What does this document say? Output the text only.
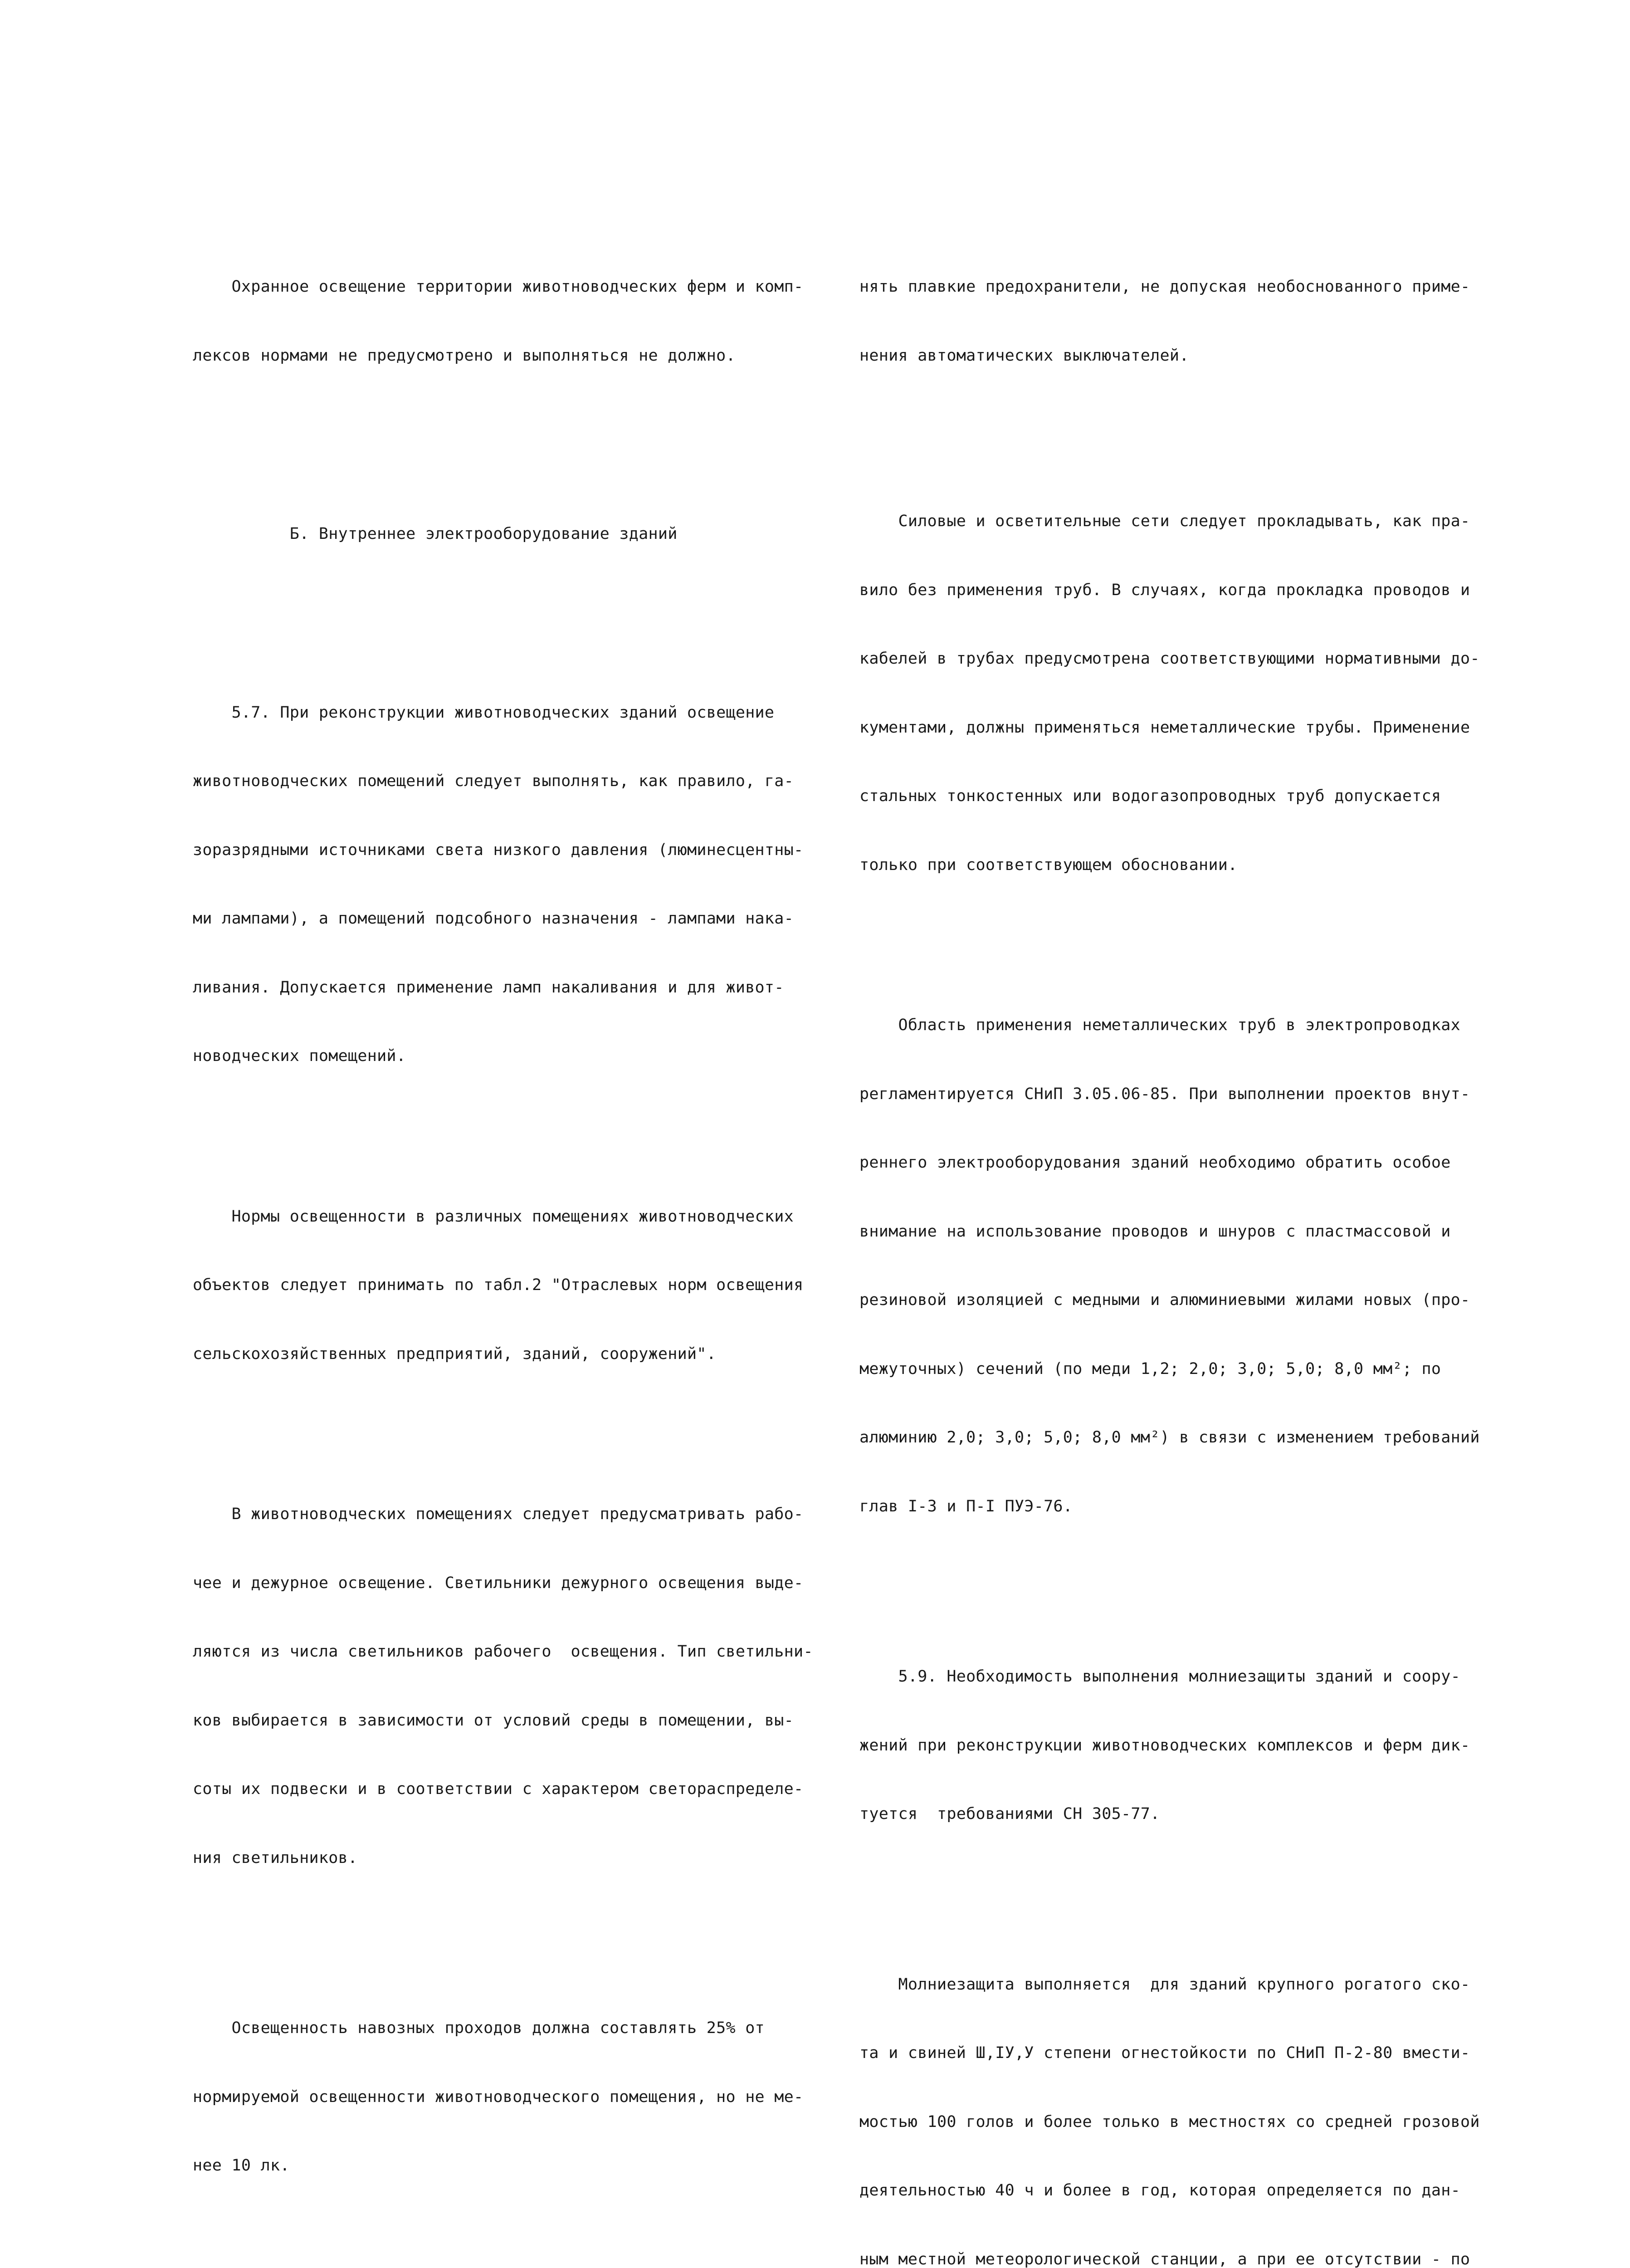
Охранное освещение территории животноводческих ферм и комп-

лексов нормами не предусмотрено и выполняться не должно.

Б. Внутреннее электрооборудование зданий

5.7. При реконструкции животноводческих зданий освещение

животноводческих помещений следует выполнять, как правило, га-

зоразрядными источниками света низкого давления (люминесцентны-

ми лампами), а помещений подсобного назначения - лампами нака-

ливания. Допускается применение ламп накаливания и для живот-

новодческих помещений.

Нормы освещенности в различных помещениях животноводческих

объектов следует принимать по табл.2 "Отраслевых норм освещения

сельскохозяйственных предприятий, зданий, сооружений".

В животноводческих помещениях следует предусматривать рабо-

чее и дежурное освещение. Светильники дежурного освещения выде-

ляются из числа светильников рабочего  освещения. Тип светильни-

ков выбирается в зависимости от условий среды в помещении, вы-

соты их подвески и в соответствии с характером светораспределе-

ния светильников.

Освещенность навозных проходов должна составлять 25% от

нормируемой освещенности животноводческого помещения, но не ме-

нее 10 лк.

нять плавкие предохранители, не допуская необоснованного приме-

нения автоматических выключателей.

Силовые и осветительные сети следует прокладывать, как пра-

вило без применения труб. В случаях, когда прокладка проводов и

кабелей в трубах предусмотрена соответствующими нормативными до-

кументами, должны применяться неметаллические трубы. Применение

стальных тонкостенных или водогазопроводных труб допускается

только при соответствующем обосновании.

Область применения неметаллических труб в электропроводках

регламентируется СНиП 3.05.06-85. При выполнении проектов внут-

реннего электрооборудования зданий необходимо обратить особое

внимание на использование проводов и шнуров с пластмассовой и

резиновой изоляцией с медными и алюминиевыми жилами новых (про-

межуточных) сечений (по меди 1,2; 2,0; 3,0; 5,0; 8,0 мм²; по

алюминию 2,0; 3,0; 5,0; 8,0 мм²) в связи с изменением требований

глав I-3 и П-I ПУЭ-76.

5.9. Необходимость выполнения молниезащиты зданий и соору-

жений при реконструкции животноводческих комплексов и ферм дик-

туется  требованиями СН 305-77.

Молниезащита выполняется  для зданий крупного рогатого ско-

та и свиней Ш,IУ,У степени огнестойкости по СНиП П-2-80 вмести-

мостью 100 голов и более только в местностях со средней грозовой

деятельностью 40 ч и более в год, которая определяется по дан-

ным местной метеорологической станции, а при ее отсутствии - по
